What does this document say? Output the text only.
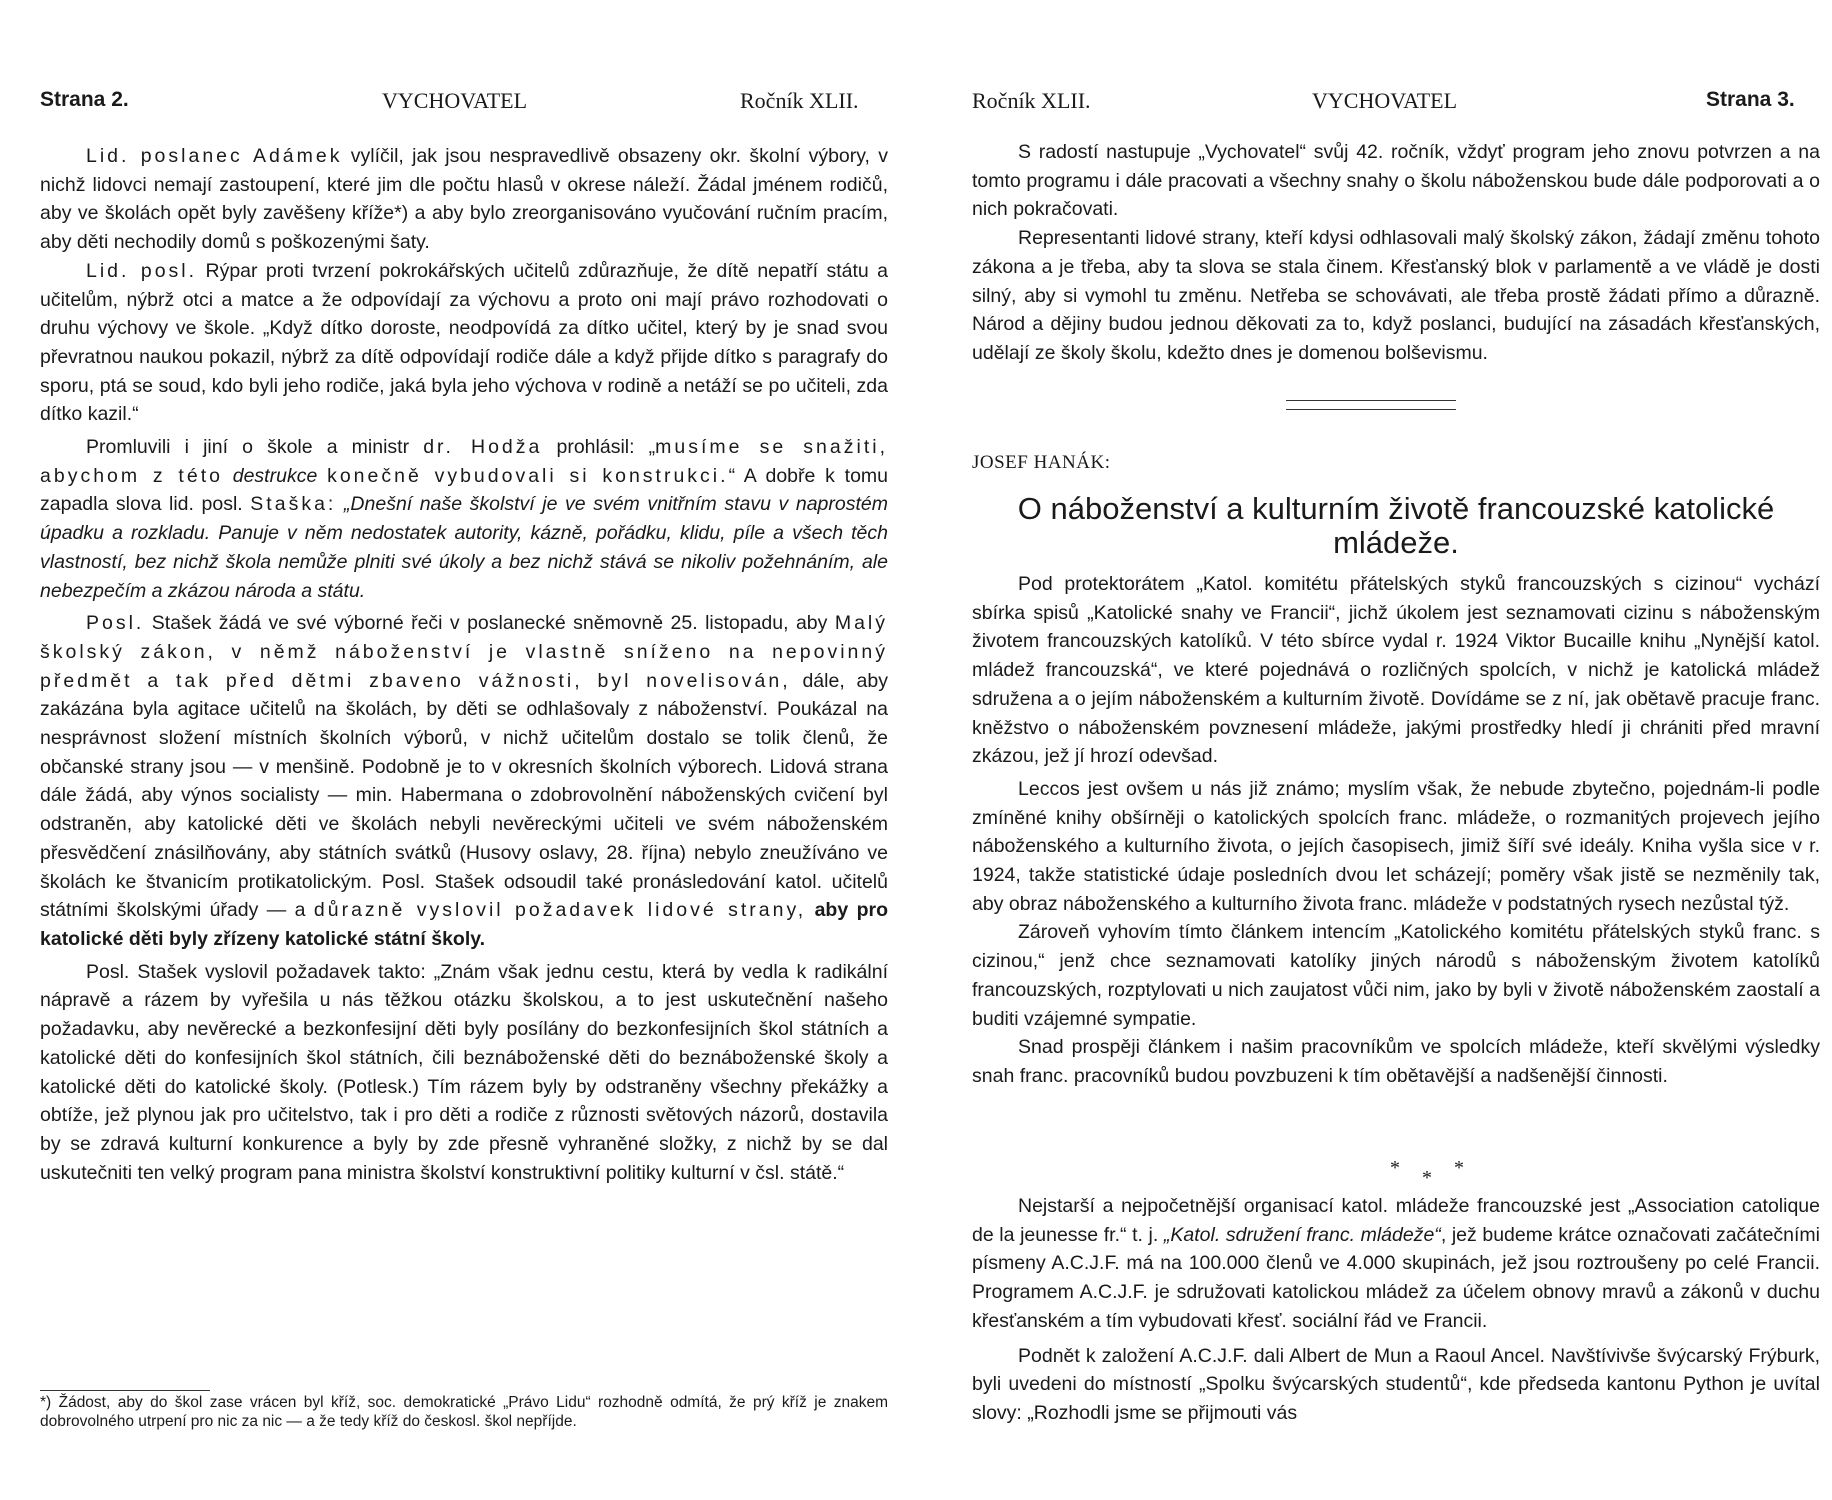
Strana 2.	VYCHOVATEL	Ročník XLII.

Lid. poslanec Adámek vylíčil, jak jsou nespravedlivě obsazeny okr. školní výbory, v nichž lidovci nemají zastoupení, které jim dle počtu hlasů v okrese náleží. Žádal jménem rodičů, aby ve školách opět byly zavěšeny kříže*) a aby bylo zreorganisováno vyučování ručním pracím, aby děti nechodily domů s poškozenými šaty.

Lid. posl. Rýpar proti tvrzení pokrokářských učitelů zdůrazňuje, že dítě nepatří státu a učitelům, nýbrž otci a matce a že odpovídají za výchovu a proto oni mají právo rozhodovati o druhu výchovy ve škole. „Když dítko doroste, neodpovídá za dítko učitel, který by je snad svou převratnou naukou pokazil, nýbrž za dítě odpovídají rodiče dále a když přijde dítko s paragrafy do sporu, ptá se soud, kdo byli jeho rodiče, jaká byla jeho výchova v rodině a netáží se po učiteli, zda dítko kazil.“

Promluvili i jiní o škole a ministr dr. Hodža prohlásil: „musíme se snažiti, abychom z této destrukce konečně vybudovali si konstrukci.“ A dobře k tomu zapadla slova lid. posl. Staška: „Dnešní naše školství je ve svém vnitřním stavu v naprostém úpadku a rozkladu. Panuje v něm nedostatek autority, kázně, pořádku, klidu, píle a všech těch vlastností, bez nichž škola nemůže plniti své úkoly a bez nichž stává se nikoliv požehnáním, ale nebezpečím a zkázou národa a státu.

Posl. Stašek žádá ve své výborné řeči v poslanecké sněmovně 25. listopadu, aby Malý školský zákon, v němž náboženství je vlastně sníženo na nepovinný předmět a tak před dětmi zbaveno vážnosti, byl novelisován, dále, aby zakázána byla agitace učitelů na školách, by děti se odhlašovaly z náboženství. Poukázal na nesprávnost složení místních školních výborů, v nichž učitelům dostalo se tolik členů, že občanské strany jsou — v menšině. Podobně je to v okresních školních výborech. Lidová strana dále žádá, aby výnos socialisty — min. Habermana o zdobrovolnění náboženských cvičení byl odstraněn, aby katolické děti ve školách nebyli nevěreckými učiteli ve svém náboženském přesvědčení znásilňovány, aby státních svátků (Husovy oslavy, 28. října) nebylo zneužíváno ve školách ke štvanicím protikatolickým. Posl. Stašek odsoudil také pronásledování katol. učitelů státními školskými úřady — a důrazně vyslovil požadavek lidové strany, aby pro katolické děti byly zřízeny katolické státní školy.

Posl. Stašek vyslovil požadavek takto: „Znám však jednu cestu, která by vedla k radikální nápravě a rázem by vyřešila u nás těžkou otázku školskou, a to jest uskutečnění našeho požadavku, aby nevěrecké a bezkonfesijní děti byly posílány do bezkonfesijních škol státních a katolické děti do konfesijních škol státních, čili beznáboženské děti do beznáboženské školy a katolické děti do katolické školy. (Potlesk.) Tím rázem byly by odstraněny všechny překážky a obtíže, jež plynou jak pro učitelstvo, tak i pro děti a rodiče z různosti světových názorů, dostavila by se zdravá kulturní konkurence a byly by zde přesně vyhraněné složky, z nichž by se dal uskutečniti ten velký program pana ministra školství konstruktivní politiky kulturní v čsl. státě.“

*) Žádost, aby do škol zase vrácen byl kříž, soc. demokratické „Právo Lidu“ rozhodně odmítá, že prý kříž je znakem dobrovolného utrpení pro nic za nic — a že tedy kříž do českosl. škol nepříjde.
Ročník XLII.	VYCHOVATEL	Strana 3.

S radostí nastupuje „Vychovatel“ svůj 42. ročník, vždyť program jeho znovu potvrzen a na tomto programu i dále pracovati a všechny snahy o školu náboženskou bude dále podporovati a o nich pokračovati.

Representanti lidové strany, kteří kdysi odhlasovali malý školský zákon, žádají změnu tohoto zákona a je třeba, aby ta slova se stala činem. Křesťanský blok v parlamentě a ve vládě je dosti silný, aby si vymohl tu změnu. Netřeba se schovávati, ale třeba prostě žádati přímo a důrazně. Národ a dějiny budou jednou děkovati za to, když poslanci, budující na zásadách křesťanských, udělají ze školy školu, kdežto dnes je domenou bolševismu.

JOSEF HANÁK:
O náboženství a kulturním životě francouzské katolické mládeže.

Pod protektorátem „Katol. komitétu přátelských styků francouzských s cizinou“ vychází sbírka spisů „Katolické snahy ve Francii“, jichž úkolem jest seznamovati cizinu s náboženským životem francouzských katolíků. V této sbírce vydal r. 1924 Viktor Bucaille knihu „Nynější katol. mládež francouzská“, ve které pojednává o rozličných spolcích, v nichž je katolická mládež sdružena a o jejím náboženském a kulturním životě. Dovídáme se z ní, jak obětavě pracuje franc. kněžstvo o náboženském povznesení mládeže, jakými prostředky hledí ji chrániti před mravní zkázou, jež jí hrozí odevšad.

Leccos jest ovšem u nás již známo; myslím však, že nebude zbytečno, pojednám-li podle zmíněné knihy obšírněji o katolických spolcích franc. mládeže, o rozmanitých projevech jejího náboženského a kulturního života, o jejích časopisech, jimiž šíří své ideály. Kniha vyšla sice v r. 1924, takže statistické údaje posledních dvou let scházejí; poměry však jistě se nezměnily tak, aby obraz náboženského a kulturního života franc. mládeže v podstatných rysech nezůstal týž.

Zároveň vyhovím tímto článkem intencím „Katolického komitétu přátelských styků franc. s cizinou,“ jenž chce seznamovati katolíky jiných národů s náboženským životem katolíků francouzských, rozptylovati u nich zaujatost vůči nim, jako by byli v životě náboženském zaostalí a buditi vzájemné sympatie.

Snad prospěji článkem i našim pracovníkům ve spolcích mládeže, kteří skvělými výsledky snah franc. pracovníků budou povzbuzeni k tím obětavější a nadšenější činnosti.

* * *

Nejstarší a nejpočetnější organisací katol. mládeže francouzské jest „Association catolique de la jeunesse fr.“ t. j. „Katol. sdružení franc. mládeže“, jež budeme krátce označovati začátečními písmeny A.C.J.F. má na 100.000 členů ve 4.000 skupinách, jež jsou roztroušeny po celé Francii. Programem A.C.J.F. je sdružovati katolickou mládež za účelem obnovy mravů a zákonů v duchu křesťanském a tím vybudovati křesť. sociální řád ve Francii.

Podnět k založení A.C.J.F. dali Albert de Mun a Raoul Ancel. Navštívivše švýcarský Frýburk, byli uvedeni do místností „Spolku švýcarských studentů“, kde předseda kantonu Python je uvítal slovy: „Rozhodli jsme se přijmouti vás
